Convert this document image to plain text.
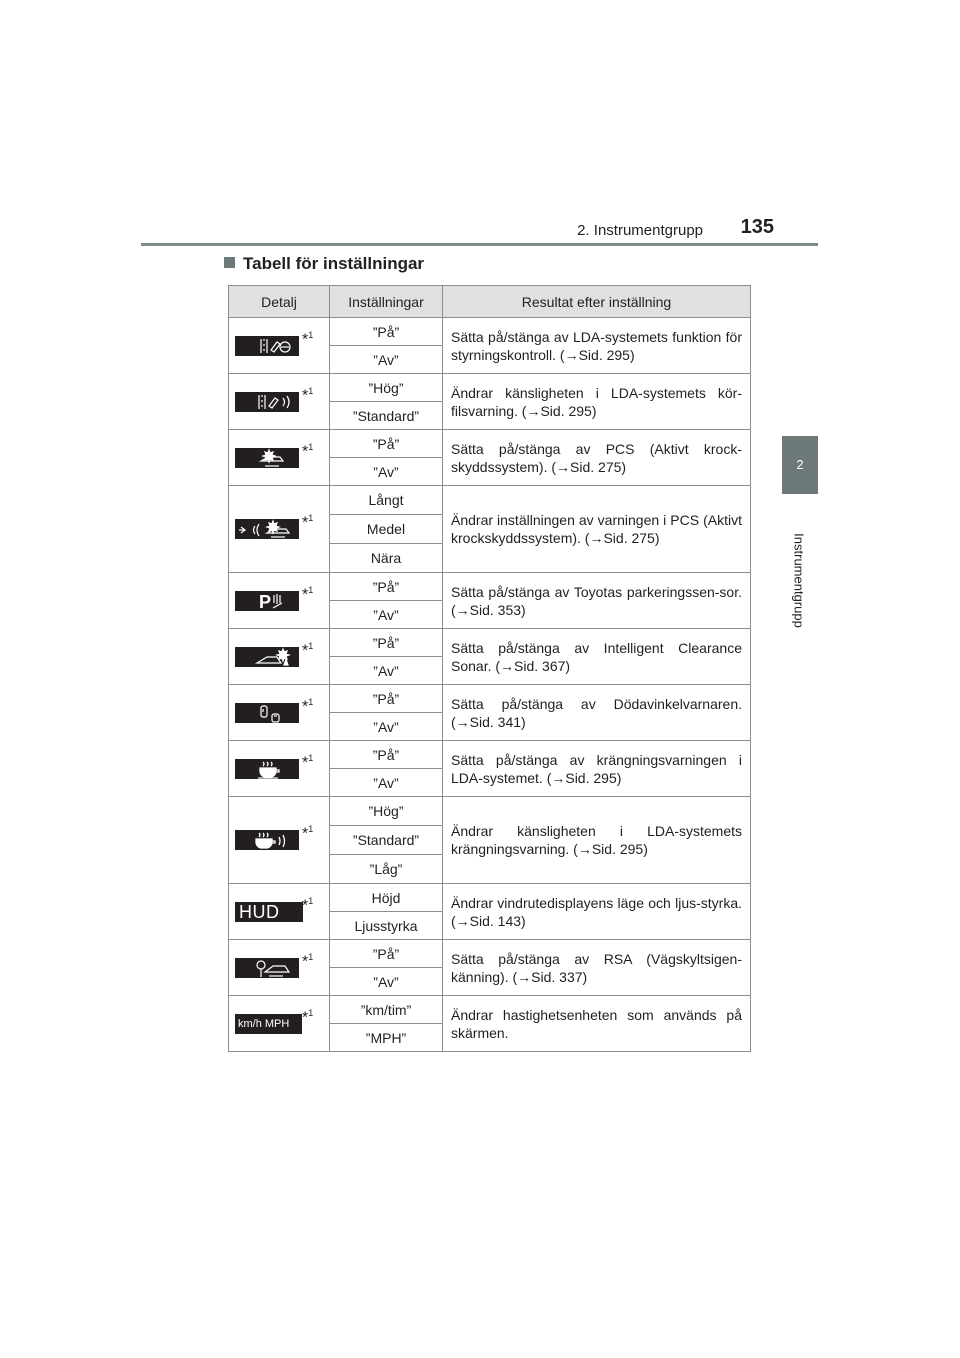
2. Instrumentgrupp 135
2
Instrumentgrupp
Tabell för inställningar
Detalj	Inställningar	Resultat efter inställning

*$^1$	”På”	Sätta på/stänga av LDA-systemets funktion för styrningskontroll. (→Sid. 295)
	”Av”	

*$^1$	”Hög”	Ändrar känsligheten i LDA-systemets kör-filsvarning. (→Sid. 295)
	”Standard”	

*$^1$	”På”	Sätta på/stänga av PCS (Aktivt krock-skyddssystem). (→Sid. 275)
	”Av”	

*$^1$	Långt	Ändrar inställningen av varningen i PCS (Aktivt krockskyddssystem). (→Sid. 275)
	Medel	
	Nära	

P *$^1$	”På”	Sätta på/stänga av Toyotas parkeringssen-sor. (→Sid. 353)
	”Av”	

*$^1$	”På”	Sätta på/stänga av Intelligent Clearance Sonar. (→Sid. 367)
	”Av”	

*$^1$	”På”	Sätta på/stänga av Dödavinkelvarnaren. (→Sid. 341)
	”Av”	

*$^1$	”På”	Sätta på/stänga av krängningsvarningen i LDA-systemet. (→Sid. 295)
	”Av”	

*$^1$	”Hög”	Ändrar känsligheten i LDA-systemets krängningsvarning. (→Sid. 295)
	”Standard”	
	”Låg”	

HUD *$^1$	Höjd	Ändrar vindrutedisplayens läge och ljus-styrka. (→Sid. 143)
	Ljusstyrka	

*$^1$	”På”	Sätta på/stänga av RSA (Vägskyltsigen-känning). (→Sid. 337)
	”Av”	

km/h MPH *$^1$	”km/tim”	Ändrar hastighetsenheten som används på skärmen.
	”MPH”	
